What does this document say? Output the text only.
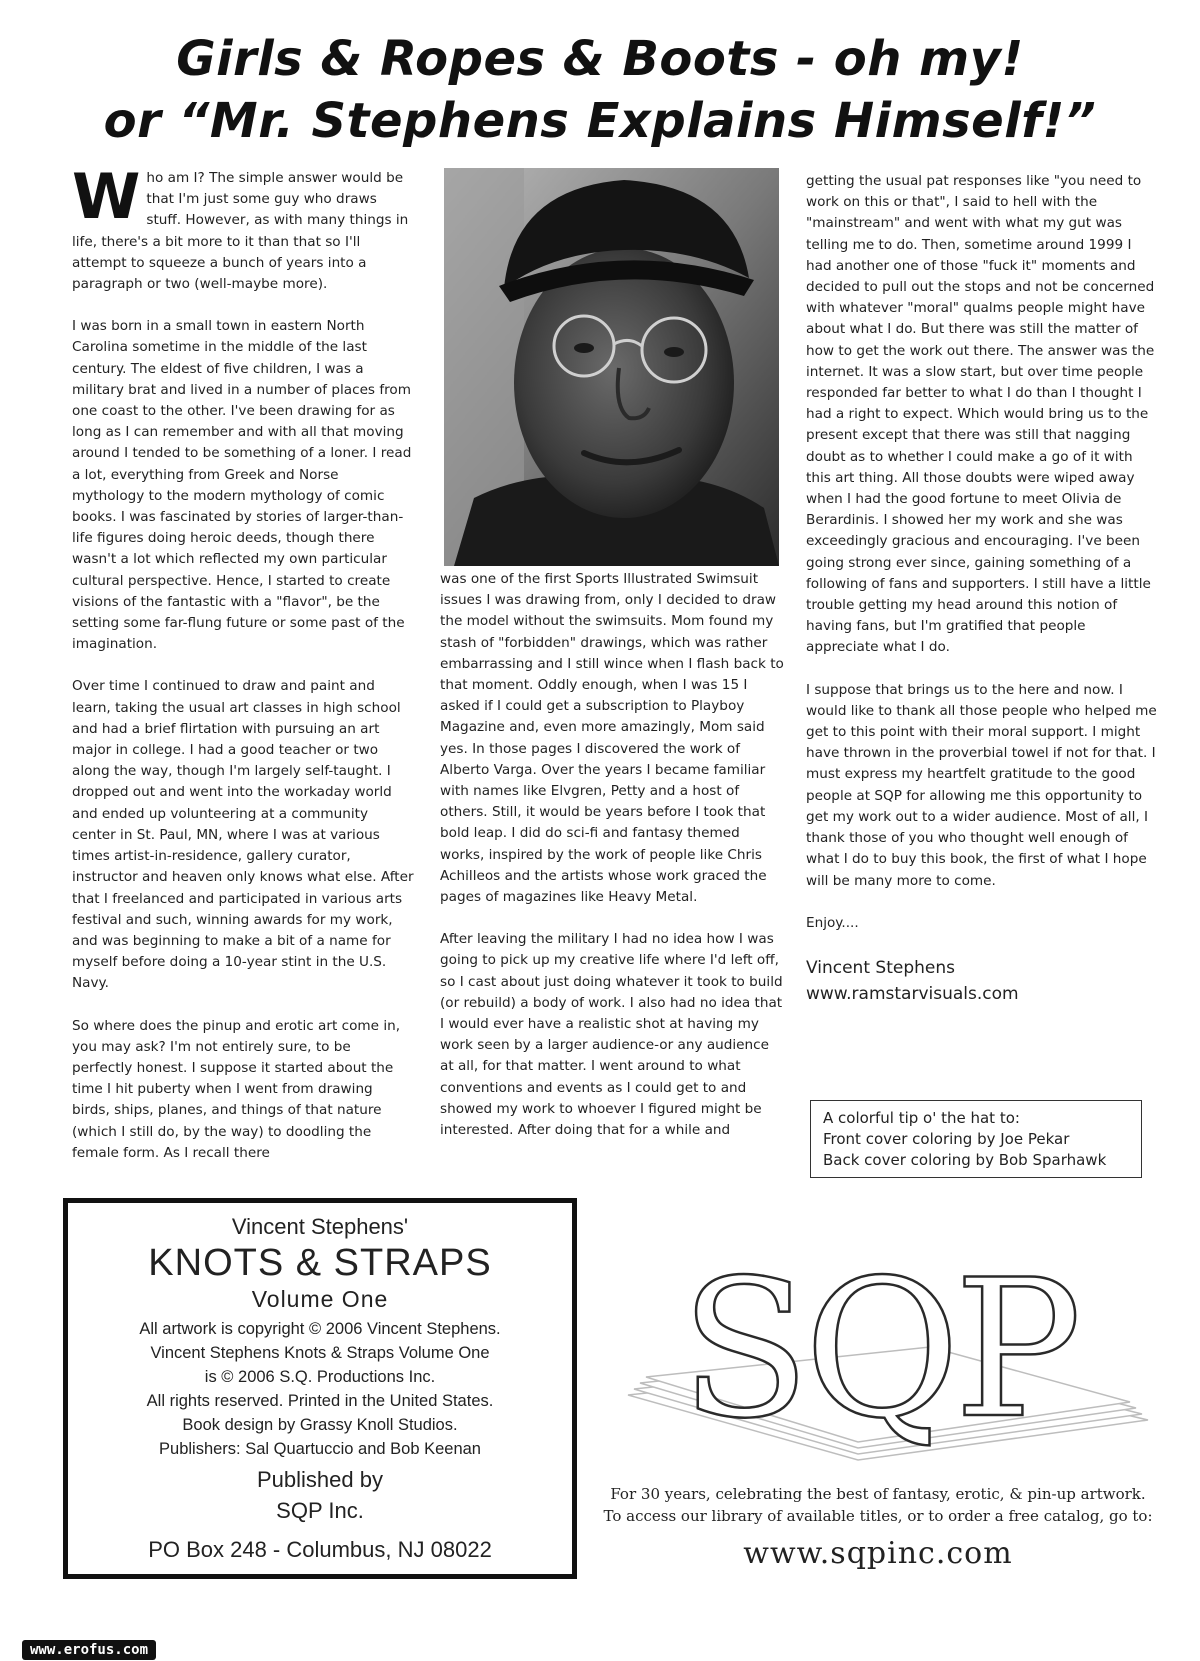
Girls & Ropes & Boots - oh my!
or “Mr. Stephens Explains Himself!”

Who am I? The simple answer would be that I'm just some guy who draws stuff. However, as with many things in life, there's a bit more to it than that so I'll attempt to squeeze a bunch of years into a paragraph or two (well-maybe more).

I was born in a small town in eastern North Carolina sometime in the middle of the last century. The eldest of five children, I was a military brat and lived in a number of places from one coast to the other. I've been drawing for as long as I can remember and with all that moving around I tended to be something of a loner. I read a lot, everything from Greek and Norse mythology to the modern mythology of comic books. I was fascinated by stories of larger-than-life figures doing heroic deeds, though there wasn't a lot which reflected my own particular cultural perspective. Hence, I started to create visions of the fantastic with a "flavor", be the setting some far-flung future or some past of the imagination.

Over time I continued to draw and paint and learn, taking the usual art classes in high school and had a brief flirtation with pursuing an art major in college. I had a good teacher or two along the way, though I'm largely self-taught. I dropped out and went into the workaday world and ended up volunteering at a community center in St. Paul, MN, where I was at various times artist-in-residence, gallery curator, instructor and heaven only knows what else. After that I freelanced and participated in various arts festival and such, winning awards for my work, and was beginning to make a bit of a name for myself before doing a 10-year stint in the U.S. Navy.

So where does the pinup and erotic art come in, you may ask? I'm not entirely sure, to be perfectly honest. I suppose it started about the time I hit puberty when I went from drawing birds, ships, planes, and things of that nature (which I still do, by the way) to doodling the female form. As I recall there

was one of the first Sports Illustrated Swimsuit issues I was drawing from, only I decided to draw the model without the swimsuits. Mom found my stash of "forbidden" drawings, which was rather embarrassing and I still wince when I flash back to that moment. Oddly enough, when I was 15 I asked if I could get a subscription to Playboy Magazine and, even more amazingly, Mom said yes. In those pages I discovered the work of Alberto Varga. Over the years I became familiar with names like Elvgren, Petty and a host of others. Still, it would be years before I took that bold leap. I did do sci-fi and fantasy themed works, inspired by the work of people like Chris Achilleos and the artists whose work graced the pages of magazines like Heavy Metal.

After leaving the military I had no idea how I was going to pick up my creative life where I'd left off, so I cast about just doing whatever it took to build (or rebuild) a body of work. I also had no idea that I would ever have a realistic shot at having my work seen by a larger audience-or any audience at all, for that matter. I went around to what conventions and events as I could get to and showed my work to whoever I figured might be interested. After doing that for a while and

getting the usual pat responses like "you need to work on this or that", I said to hell with the "mainstream" and went with what my gut was telling me to do. Then, sometime around 1999 I had another one of those "fuck it" moments and decided to pull out the stops and not be concerned with whatever "moral" qualms people might have about what I do. But there was still the matter of how to get the work out there. The answer was the internet. It was a slow start, but over time people responded far better to what I do than I thought I had a right to expect. Which would bring us to the present except that there was still that nagging doubt as to whether I could make a go of it with this art thing. All those doubts were wiped away when I had the good fortune to meet Olivia de Berardinis. I showed her my work and she was exceedingly gracious and encouraging. I've been going strong ever since, gaining something of a following of fans and supporters. I still have a little trouble getting my head around this notion of having fans, but I'm gratified that people appreciate what I do.

I suppose that brings us to the here and now. I would like to thank all those people who helped me get to this point with their moral support. I might have thrown in the proverbial towel if not for that. I must express my heartfelt gratitude to the good people at SQP for allowing me this opportunity to get my work out to a wider audience. Most of all, I thank those of you who thought well enough of what I do to buy this book, the first of what I hope will be many more to come.

Enjoy....

Vincent Stephens
www.ramstarvisuals.com
A colorful tip o' the hat to:
Front cover coloring by Joe Pekar
Back cover coloring by Bob Sparhawk
Vincent Stephens'
KNOTS & STRAPS
Volume One
All artwork is copyright © 2006 Vincent Stephens.
Vincent Stephens Knots & Straps Volume One
is © 2006 S.Q. Productions Inc.
All rights reserved. Printed in the United States.
Book design by Grassy Knoll Studios.
Publishers: Sal Quartuccio and Bob Keenan
Published by
SQP Inc.
PO Box 248 - Columbus, NJ 08022
SQP
For 30 years, celebrating the best of fantasy, erotic, & pin-up artwork.
To access our library of available titles, or to order a free catalog, go to:
www.sqpinc.com
www.erofus.com
